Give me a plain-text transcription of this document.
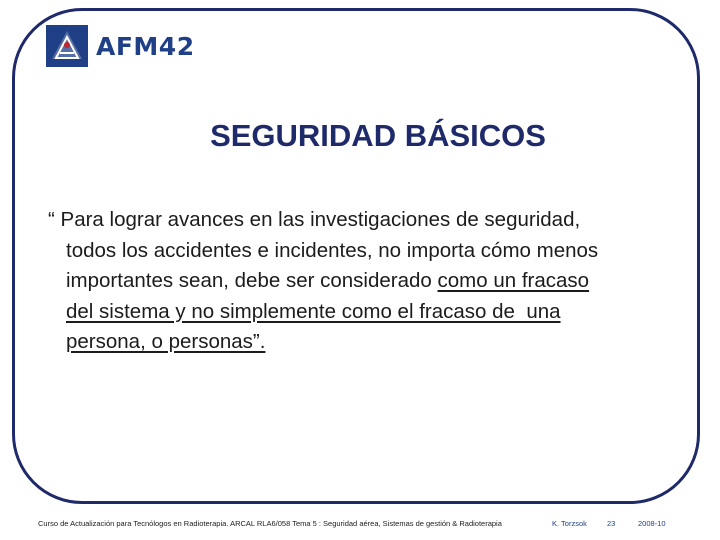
AFM42
SEGURIDAD BÁSICOS
“ Para lograr avances en las investigaciones de seguridad,
todos los accidentes e incidentes, no importa cómo menos
importantes sean, debe ser considerado como un fracaso
del sistema y no simplemente como el fracaso de  una
persona, o personas”.
Curso de Actualización para Tecnólogos en Radioterapia. ARCAL RLA6/058 Tema 5 : Seguridad aérea, Sistemas de gestión & Radioterapia	K. Torzsok	23	2008-10
